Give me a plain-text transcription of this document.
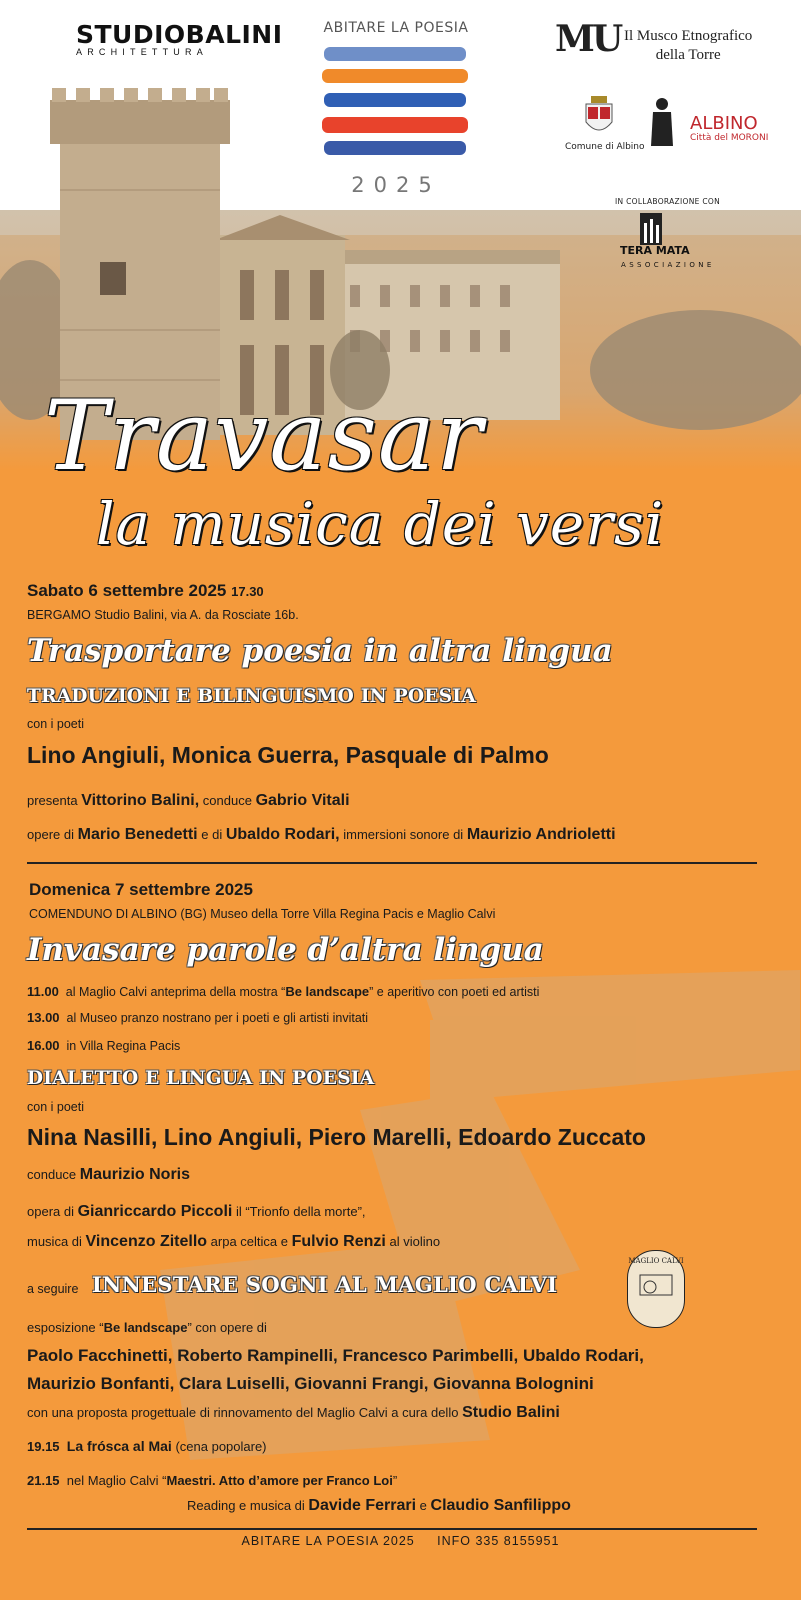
STUDIOBALINI
ARCHITETTURA
ABITARE LA POESIA
2025
MU Il Musco Etnografico
della Torre
Comune di Albino
ALBINO
Città del MORONI
IN COLLABORAZIONE CON
TERA MATA
ASSOCIAZIONE
Travasar
la musica dei versi
Sabato 6 settembre 2025 17.30
BERGAMO Studio Balini, via A. da Rosciate 16b.
Trasportare poesia in altra lingua
TRADUZIONI E BILINGUISMO IN POESIA
con i poeti
Lino Angiuli, Monica Guerra, Pasquale di Palmo
presenta Vittorino Balini, conduce Gabrio Vitali
opere di Mario Benedetti e di Ubaldo Rodari, immersioni sonore di Maurizio Andrioletti
Domenica 7 settembre 2025
COMENDUNO DI ALBINO (BG) Museo della Torre Villa Regina Pacis e Maglio Calvi
Invasare parole d’altra lingua
11.00 al Maglio Calvi anteprima della mostra “Be landscape” e aperitivo con poeti ed artisti
13.00 al Museo pranzo nostrano per i poeti e gli artisti invitati
16.00 in Villa Regina Pacis
DIALETTO E LINGUA IN POESIA
con i poeti
Nina Nasilli, Lino Angiuli, Piero Marelli, Edoardo Zuccato
conduce Maurizio Noris
opera di Gianriccardo Piccoli il “Trionfo della morte”,
musica di Vincenzo Zitello arpa celtica e Fulvio Renzi al violino
a seguire INNESTARE SOGNI AL MAGLIO CALVI
MAGLIO CALVI
esposizione “Be landscape” con opere di
Paolo Facchinetti, Roberto Rampinelli, Francesco Parimbelli, Ubaldo Rodari,
Maurizio Bonfanti, Clara Luiselli, Giovanni Frangi, Giovanna Bolognini
con una proposta progettuale di rinnovamento del Maglio Calvi a cura dello Studio Balini
19.15 La frósca al Mai (cena popolare)
21.15 nel Maglio Calvi “Maestri. Atto d’amore per Franco Loi”
Reading e musica di Davide Ferrari e Claudio Sanfilippo
ABITARE LA POESIA 2025 INFO 335 8155951
